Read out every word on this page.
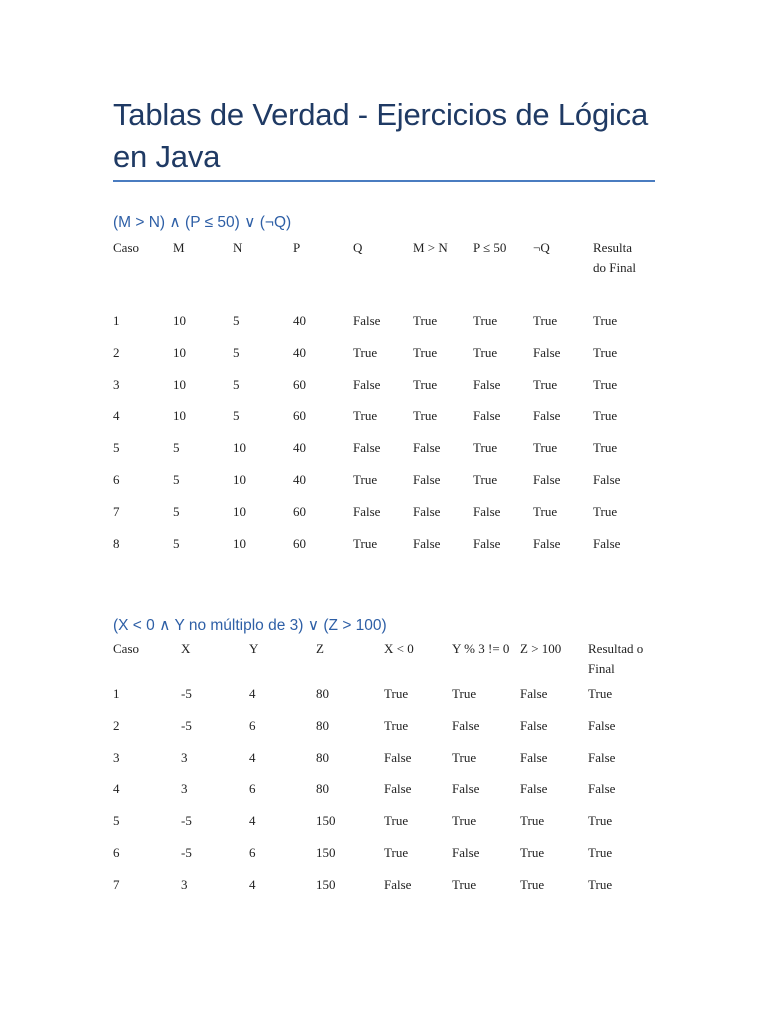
Tablas de Verdad - Ejercicios de Lógica en Java
(M > N) ∧ (P ≤ 50) ∨ (¬Q)
Caso	M	N	P	Q	M > N	P ≤ 50	¬Q	Resulta do Final
1	10	5	40	False	True	True	True	True
2	10	5	40	True	True	True	False	True
3	10	5	60	False	True	False	True	True
4	10	5	60	True	True	False	False	True
5	5	10	40	False	False	True	True	True
6	5	10	40	True	False	True	False	False
7	5	10	60	False	False	False	True	True
8	5	10	60	True	False	False	False	False
(X < 0 ∧ Y no múltiplo de 3) ∨ (Z > 100)
Caso	X	Y	Z	X < 0	Y % 3 != 0	Z > 100	Resultad o Final
1	-5	4	80	True	True	False	True
2	-5	6	80	True	False	False	False
3	3	4	80	False	True	False	False
4	3	6	80	False	False	False	False
5	-5	4	150	True	True	True	True
6	-5	6	150	True	False	True	True
7	3	4	150	False	True	True	True
